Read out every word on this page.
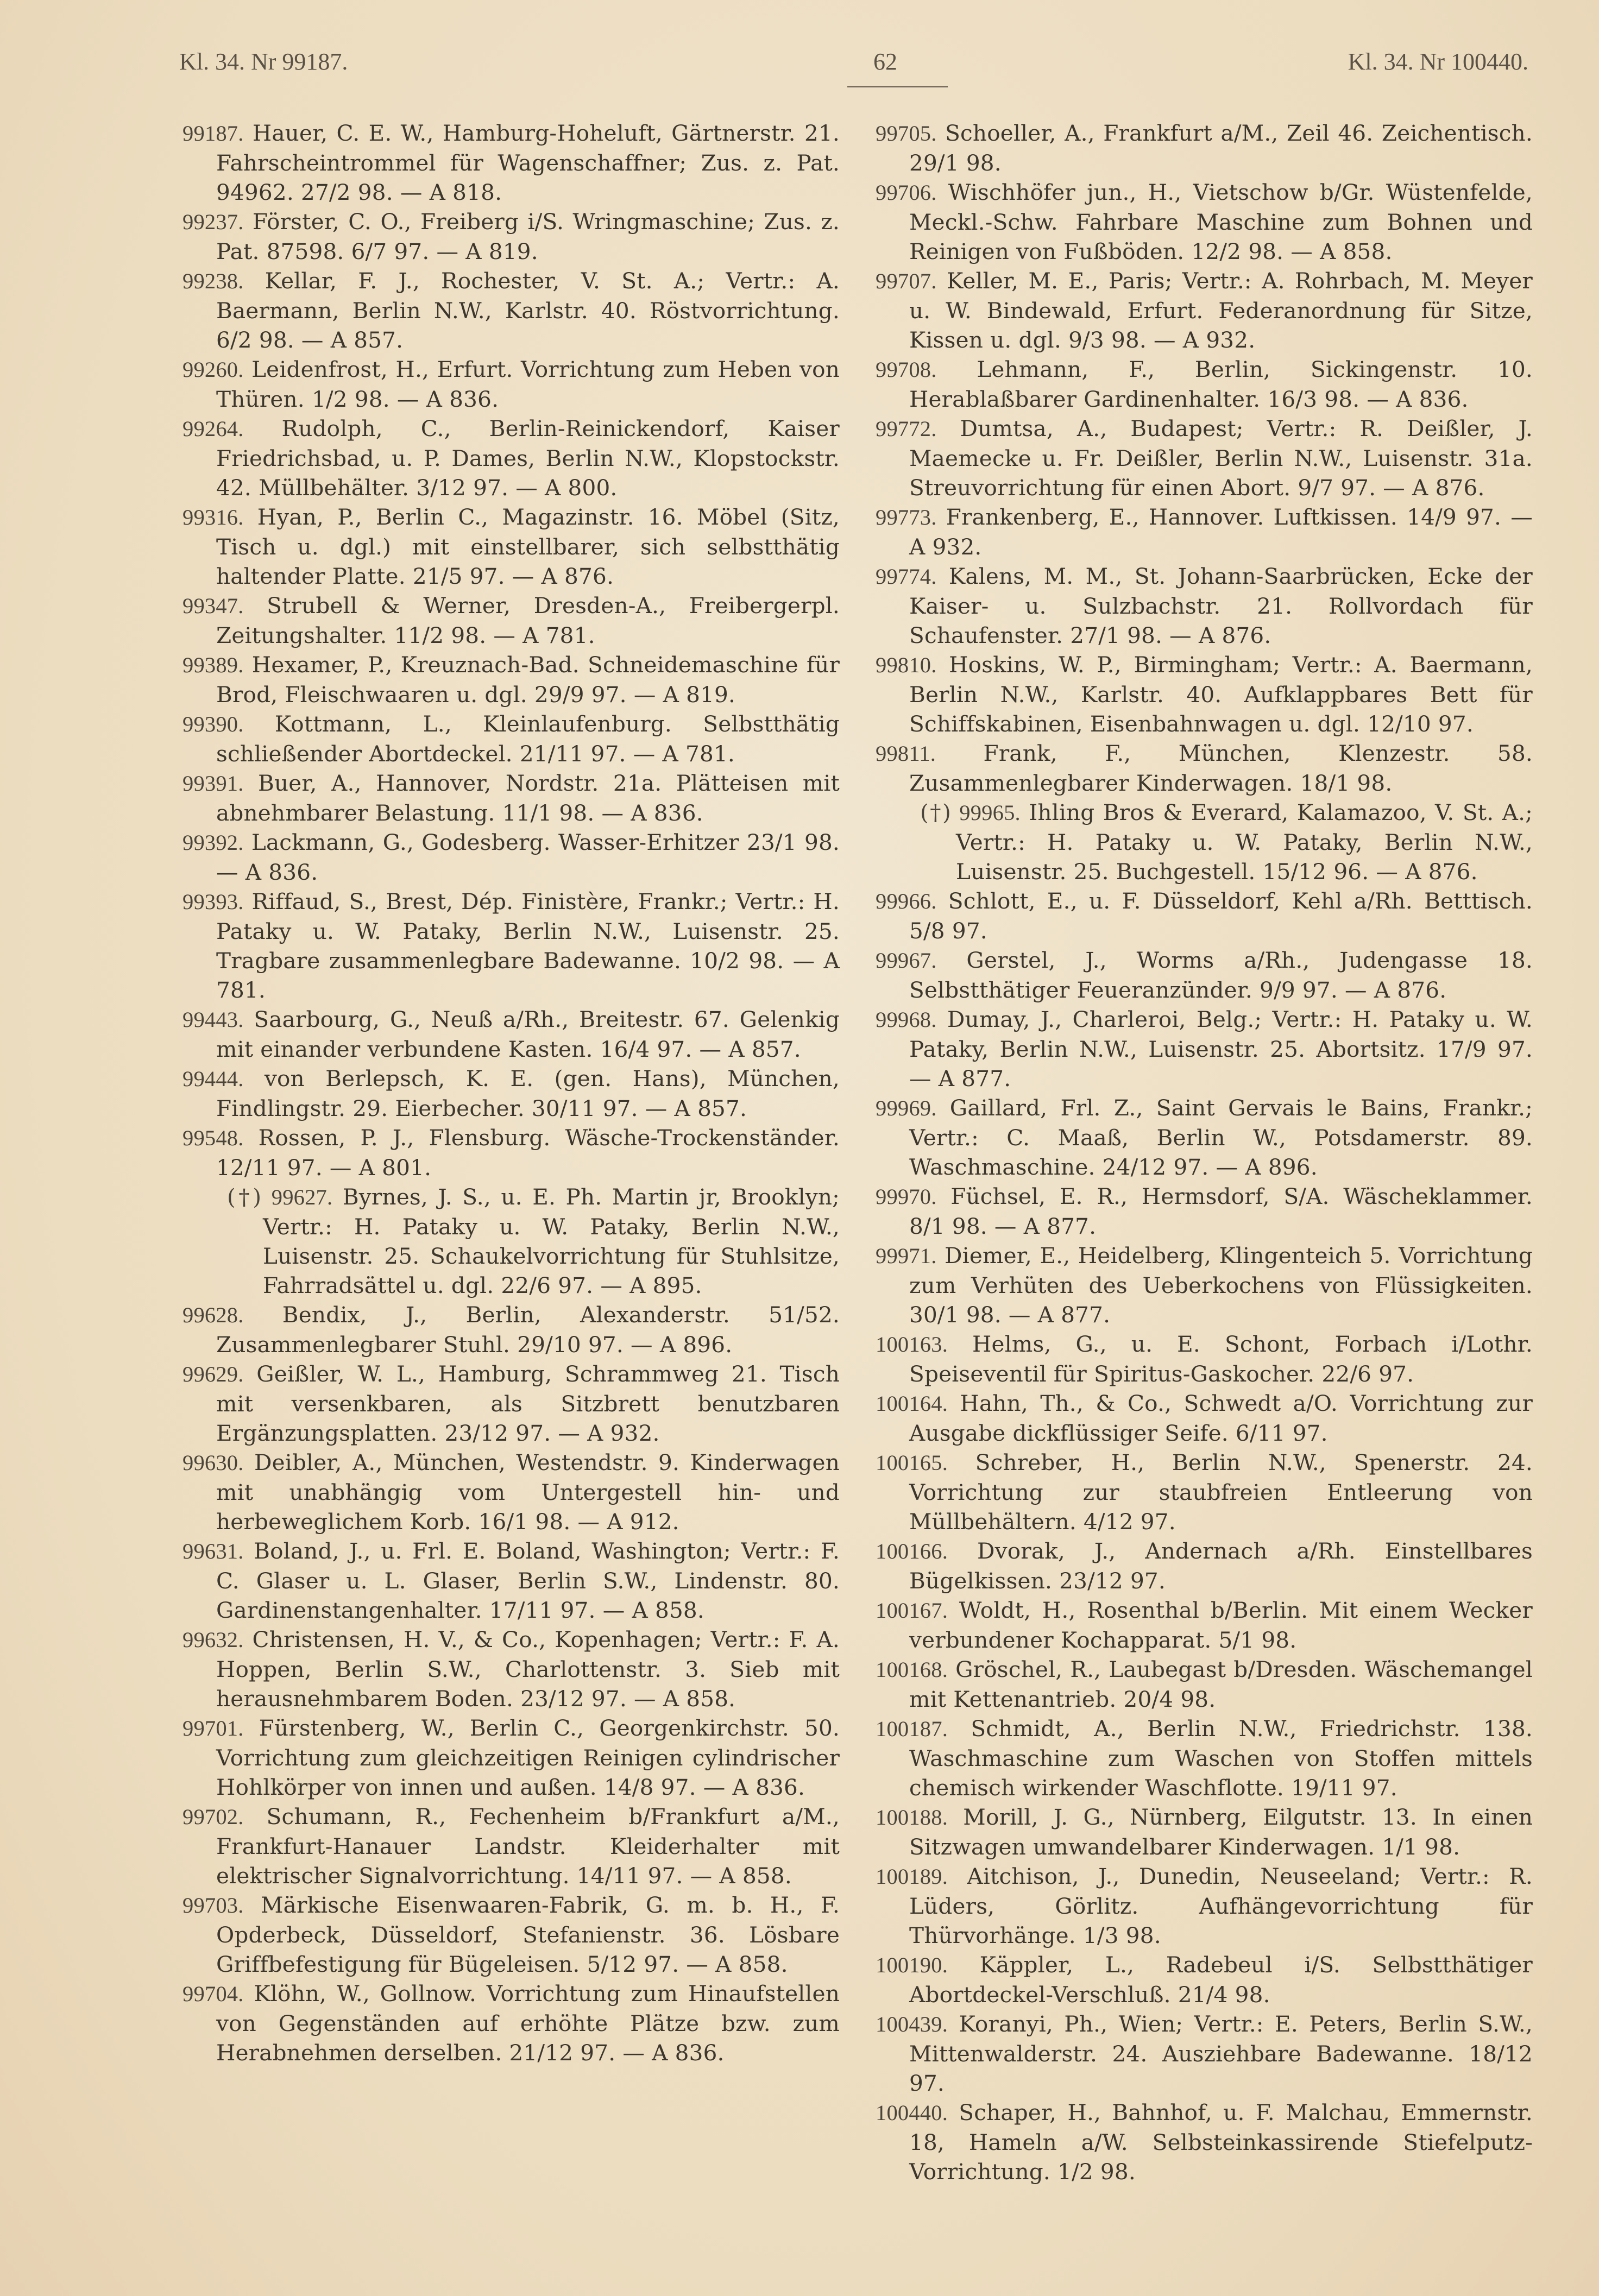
Kl. 34. Nr 99187.	62	Kl. 34. Nr 100440.

99187. Hauer, C. E. W., Hamburg-Hoheluft, Gärtnerstr. 21. Fahrscheintrommel für Wagenschaffner; Zus. z. Pat. 94962. 27/2 98. — A 818.

99237. Förster, C. O., Freiberg i/S. Wringmaschine; Zus. z. Pat. 87598. 6/7 97. — A 819.

99238. Kellar, F. J., Rochester, V. St. A.; Vertr.: A. Baermann, Berlin N.W., Karlstr. 40. Röstvorrichtung. 6/2 98. — A 857.

99260. Leidenfrost, H., Erfurt. Vorrichtung zum Heben von Thüren. 1/2 98. — A 836.

99264. Rudolph, C., Berlin-Reinickendorf, Kaiser Friedrichsbad, u. P. Dames, Berlin N.W., Klopstockstr. 42. Müllbehälter. 3/12 97. — A 800.

99316. Hyan, P., Berlin C., Magazinstr. 16. Möbel (Sitz, Tisch u. dgl.) mit einstellbarer, sich selbstthätig haltender Platte. 21/5 97. — A 876.

99347. Strubell & Werner, Dresden-A., Freibergerpl. Zeitungshalter. 11/2 98. — A 781.

99389. Hexamer, P., Kreuznach-Bad. Schneidemaschine für Brod, Fleischwaaren u. dgl. 29/9 97. — A 819.

99390. Kottmann, L., Kleinlaufenburg. Selbstthätig schließender Abortdeckel. 21/11 97. — A 781.

99391. Buer, A., Hannover, Nordstr. 21a. Plätteisen mit abnehmbarer Belastung. 11/1 98. — A 836.

99392. Lackmann, G., Godesberg. Wasser-Erhitzer 23/1 98. — A 836.

99393. Riffaud, S., Brest, Dép. Finistère, Frankr.; Vertr.: H. Pataky u. W. Pataky, Berlin N.W., Luisenstr. 25. Tragbare zusammenlegbare Badewanne. 10/2 98. — A 781.

99443. Saarbourg, G., Neuß a/Rh., Breitestr. 67. Gelenkig mit einander verbundene Kasten. 16/4 97. — A 857.

99444. von Berlepsch, K. E. (gen. Hans), München, Findlingstr. 29. Eierbecher. 30/11 97. — A 857.

99548. Rossen, P. J., Flensburg. Wäsche-Trockenständer. 12/11 97. — A 801.

(†) 99627. Byrnes, J. S., u. E. Ph. Martin jr, Brooklyn; Vertr.: H. Pataky u. W. Pataky, Berlin N.W., Luisenstr. 25. Schaukelvorrichtung für Stuhlsitze, Fahrradsättel u. dgl. 22/6 97. — A 895.

99628. Bendix, J., Berlin, Alexanderstr. 51/52. Zusammenlegbarer Stuhl. 29/10 97. — A 896.

99629. Geißler, W. L., Hamburg, Schrammweg 21. Tisch mit versenkbaren, als Sitzbrett benutzbaren Ergänzungsplatten. 23/12 97. — A 932.

99630. Deibler, A., München, Westendstr. 9. Kinderwagen mit unabhängig vom Untergestell hin- und herbeweglichem Korb. 16/1 98. — A 912.

99631. Boland, J., u. Frl. E. Boland, Washington; Vertr.: F. C. Glaser u. L. Glaser, Berlin S.W., Lindenstr. 80. Gardinenstangenhalter. 17/11 97. — A 858.

99632. Christensen, H. V., & Co., Kopenhagen; Vertr.: F. A. Hoppen, Berlin S.W., Charlottenstr. 3. Sieb mit herausnehmbarem Boden. 23/12 97. — A 858.

99701. Fürstenberg, W., Berlin C., Georgenkirchstr. 50. Vorrichtung zum gleichzeitigen Reinigen cylindrischer Hohlkörper von innen und außen. 14/8 97. — A 836.

99702. Schumann, R., Fechenheim b/Frankfurt a/M., Frankfurt-Hanauer Landstr. Kleiderhalter mit elektrischer Signalvorrichtung. 14/11 97. — A 858.

99703. Märkische Eisenwaaren-Fabrik, G. m. b. H., F. Opderbeck, Düsseldorf, Stefanienstr. 36. Lösbare Griffbefestigung für Bügeleisen. 5/12 97. — A 858.

99704. Klöhn, W., Gollnow. Vorrichtung zum Hinaufstellen von Gegenständen auf erhöhte Plätze bzw. zum Herabnehmen derselben. 21/12 97. — A 836.

99705. Schoeller, A., Frankfurt a/M., Zeil 46. Zeichentisch. 29/1 98.

99706. Wischhöfer jun., H., Vietschow b/Gr. Wüstenfelde, Meckl.-Schw. Fahrbare Maschine zum Bohnen und Reinigen von Fußböden. 12/2 98. — A 858.

99707. Keller, M. E., Paris; Vertr.: A. Rohrbach, M. Meyer u. W. Bindewald, Erfurt. Federanordnung für Sitze, Kissen u. dgl. 9/3 98. — A 932.

99708. Lehmann, F., Berlin, Sickingenstr. 10. Herablaßbarer Gardinenhalter. 16/3 98. — A 836.

99772. Dumtsa, A., Budapest; Vertr.: R. Deißler, J. Maemecke u. Fr. Deißler, Berlin N.W., Luisenstr. 31a. Streuvorrichtung für einen Abort. 9/7 97. — A 876.

99773. Frankenberg, E., Hannover. Luftkissen. 14/9 97. — A 932.

99774. Kalens, M. M., St. Johann-Saarbrücken, Ecke der Kaiser- u. Sulzbachstr. 21. Rollvordach für Schaufenster. 27/1 98. — A 876.

99810. Hoskins, W. P., Birmingham; Vertr.: A. Baermann, Berlin N.W., Karlstr. 40. Aufklappbares Bett für Schiffskabinen, Eisenbahnwagen u. dgl. 12/10 97.

99811. Frank, F., München, Klenzestr. 58. Zusammenlegbarer Kinderwagen. 18/1 98.

(†) 99965. Ihling Bros & Everard, Kalamazoo, V. St. A.; Vertr.: H. Pataky u. W. Pataky, Berlin N.W., Luisenstr. 25. Buchgestell. 15/12 96. — A 876.

99966. Schlott, E., u. F. Düsseldorf, Kehl a/Rh. Betttisch. 5/8 97.

99967. Gerstel, J., Worms a/Rh., Judengasse 18. Selbstthätiger Feueranzünder. 9/9 97. — A 876.

99968. Dumay, J., Charleroi, Belg.; Vertr.: H. Pataky u. W. Pataky, Berlin N.W., Luisenstr. 25. Abortsitz. 17/9 97. — A 877.

99969. Gaillard, Frl. Z., Saint Gervais le Bains, Frankr.; Vertr.: C. Maaß, Berlin W., Potsdamerstr. 89. Waschmaschine. 24/12 97. — A 896.

99970. Füchsel, E. R., Hermsdorf, S/A. Wäscheklammer. 8/1 98. — A 877.

99971. Diemer, E., Heidelberg, Klingenteich 5. Vorrichtung zum Verhüten des Ueberkochens von Flüssigkeiten. 30/1 98. — A 877.

100163. Helms, G., u. E. Schont, Forbach i/Lothr. Speiseventil für Spiritus-Gaskocher. 22/6 97.

100164. Hahn, Th., & Co., Schwedt a/O. Vorrichtung zur Ausgabe dickflüssiger Seife. 6/11 97.

100165. Schreber, H., Berlin N.W., Spenerstr. 24. Vorrichtung zur staubfreien Entleerung von Müllbehältern. 4/12 97.

100166. Dvorak, J., Andernach a/Rh. Einstellbares Bügelkissen. 23/12 97.

100167. Woldt, H., Rosenthal b/Berlin. Mit einem Wecker verbundener Kochapparat. 5/1 98.

100168. Gröschel, R., Laubegast b/Dresden. Wäschemangel mit Kettenantrieb. 20/4 98.

100187. Schmidt, A., Berlin N.W., Friedrichstr. 138. Waschmaschine zum Waschen von Stoffen mittels chemisch wirkender Waschflotte. 19/11 97.

100188. Morill, J. G., Nürnberg, Eilgutstr. 13. In einen Sitzwagen umwandelbarer Kinderwagen. 1/1 98.

100189. Aitchison, J., Dunedin, Neuseeland; Vertr.: R. Lüders, Görlitz. Aufhängevorrichtung für Thürvorhänge. 1/3 98.

100190. Käppler, L., Radebeul i/S. Selbstthätiger Abortdeckel-Verschluß. 21/4 98.

100439. Koranyi, Ph., Wien; Vertr.: E. Peters, Berlin S.W., Mittenwalderstr. 24. Ausziehbare Badewanne. 18/12 97.

100440. Schaper, H., Bahnhof, u. F. Malchau, Emmernstr. 18, Hameln a/W. Selbsteinkassirende Stiefelputz-Vorrichtung. 1/2 98.
